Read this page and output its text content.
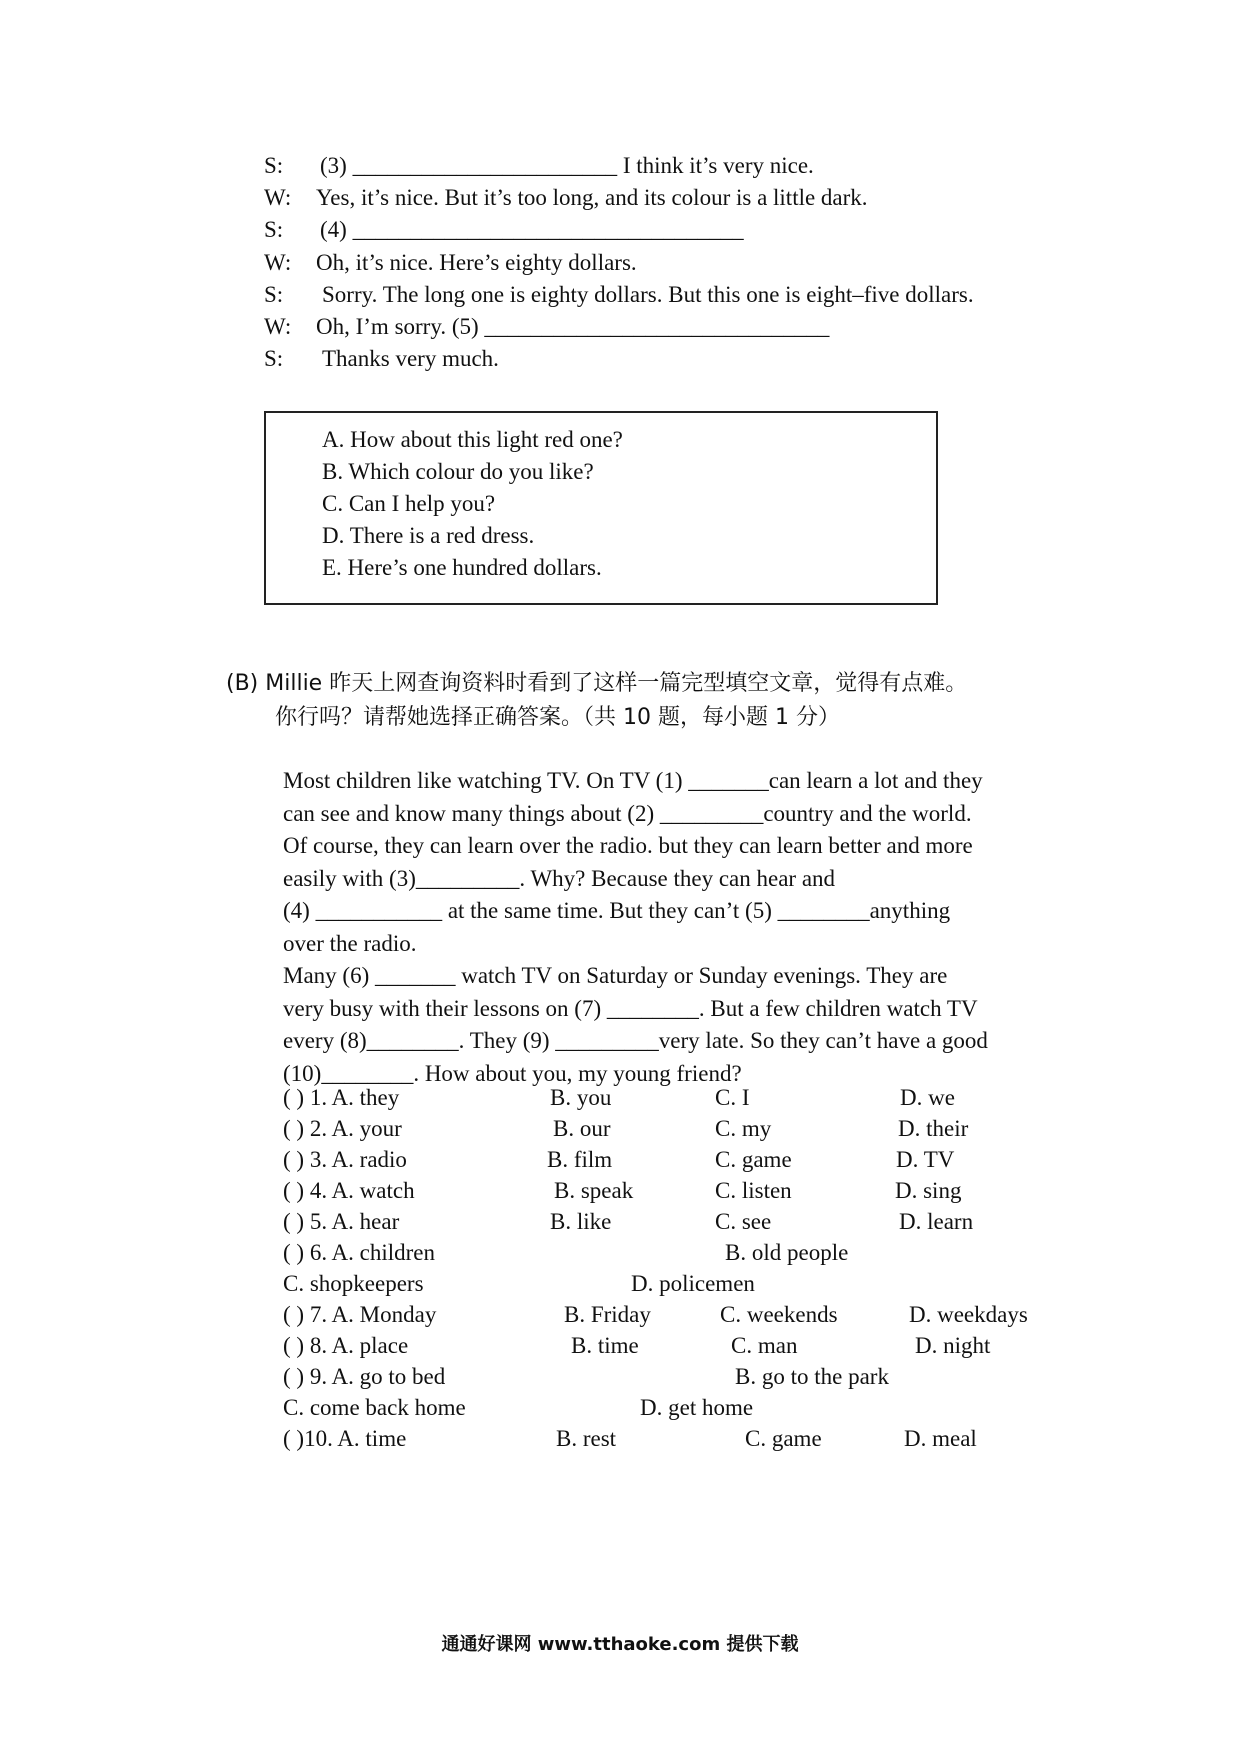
S: (3) _______________________ I think it’s very nice.
W: Yes, it’s nice. But it’s too long, and its colour is a little dark.
S: (4) __________________________________
W: Oh, it’s nice. Here’s eighty dollars.
S: Sorry. The long one is eighty dollars. But this one is eight–five dollars.
W: Oh, I’m sorry. (5) ______________________________
S: Thanks very much.
A. How about this light red one?
B. Which colour do you like?
C. Can I help you?
D. There is a red dress.
E. Here’s one hundred dollars.
(B) Millie 昨天上网查询资料时看到了这样一篇完型填空文章，觉得有点难。
你行吗？请帮她选择正确答案。（共 10 题，每小题 1 分）

Most children like watching TV. On TV (1) _______can learn a lot and they

can see and know many things about (2) _________country and the world.

Of course, they can learn over the radio. but they can learn better and more

easily with (3)_________. Why? Because they can hear and

(4) ___________ at the same time. But they can’t (5) ________anything

over the radio.

Many (6) _______ watch TV on Saturday or Sunday evenings. They are

very busy with their lessons on (7) ________. But a few children watch TV

every (8)________. They (9) _________very late. So they can’t have a good

(10)________. How about you, my young friend?

( ) 1. A. they	B. you	C. I	D. we
( ) 2. A. your	B. our	C. my	D. their
( ) 3. A. radio	B. film	C. game	D. TV
( ) 4. A. watch	B. speak	C. listen	D. sing
( ) 5. A. hear	B. like	C. see	D. learn
( ) 6. A. children	B. old people
C. shopkeepers	D. policemen
( ) 7. A. Monday	B. Friday	C. weekends	D. weekdays
( ) 8. A. place	B. time	C. man	D. night
( ) 9. A. go to bed	B. go to the park
C. come back home	D. get home
( )10. A. time	B. rest	C. game	D. meal
通通好课网 www.tthaoke.com 提供下载
